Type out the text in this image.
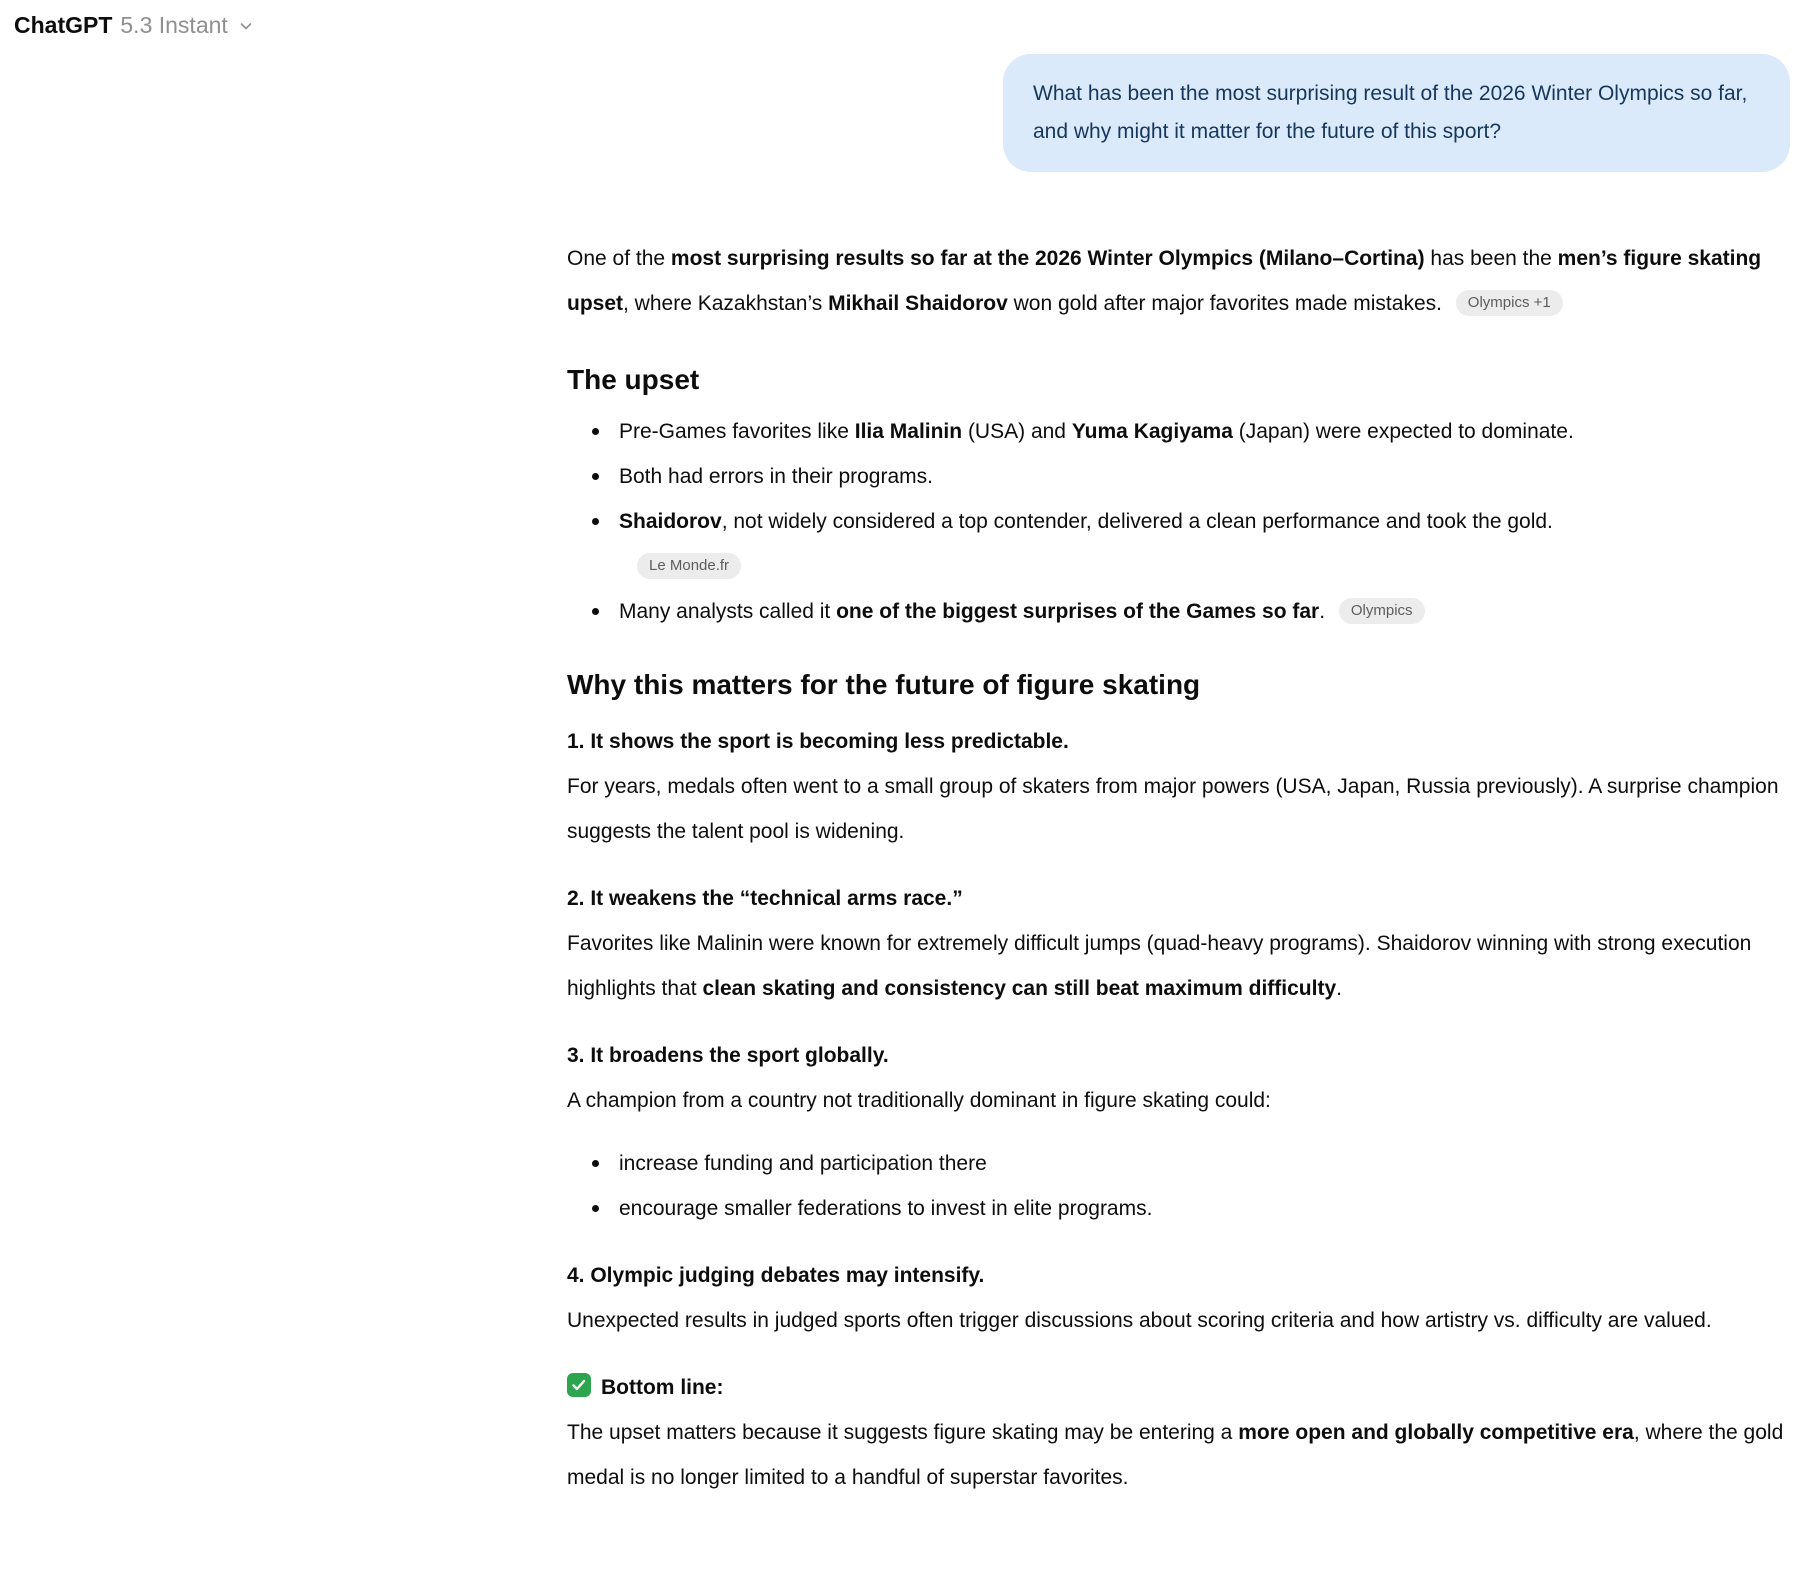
ChatGPT 5.3 Instant
What has been the most surprising result of the 2026 Winter Olympics so far, and why might it matter for the future of this sport?

One of the most surprising results so far at the 2026 Winter Olympics (Milano–Cortina) has been the men’s figure skating upset, where Kazakhstan’s Mikhail Shaidorov won gold after major favorites made mistakes. Olympics +1

The upset
Pre-Games favorites like Ilia Malinin (USA) and Yuma Kagiyama (Japan) were expected to dominate.
Both had errors in their programs.
Shaidorov, not widely considered a top contender, delivered a clean performance and took the gold.
Le Monde.fr
Many analysts called it one of the biggest surprises of the Games so far. Olympics
Why this matters for the future of figure skating
1. It shows the sport is becoming less predictable.

For years, medals often went to a small group of skaters from major powers (USA, Japan, Russia previously). A surprise champion suggests the talent pool is widening.

2. It weakens the “technical arms race.”

Favorites like Malinin were known for extremely difficult jumps (quad-heavy programs). Shaidorov winning with strong execution highlights that clean skating and consistency can still beat maximum difficulty.

3. It broadens the sport globally.

A champion from a country not traditionally dominant in figure skating could:

increase funding and participation there
encourage smaller federations to invest in elite programs.
4. Olympic judging debates may intensify.

Unexpected results in judged sports often trigger discussions about scoring criteria and how artistry vs. difficulty are valued.

Bottom line:

The upset matters because it suggests figure skating may be entering a more open and globally competitive era, where the gold medal is no longer limited to a handful of superstar favorites.
